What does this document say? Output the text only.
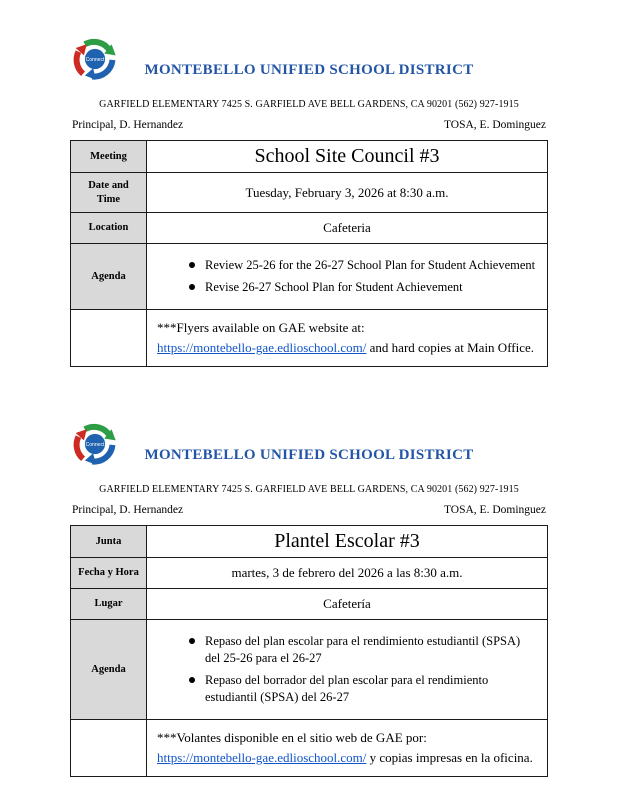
Connect
MONTEBELLO UNIFIED SCHOOL DISTRICT
GARFIELD ELEMENTARY 7425 S. GARFIELD AVE BELL GARDENS, CA 90201 (562) 927-1915
Principal, D. Hernandez	TOSA, E. Dominguez
Meeting	School Site Council #3
Date and Time	Tuesday, February 3, 2026 at 8:30 a.m.
Location	Cafeteria
Agenda	
Review 25-26 for the 26-27 School Plan for Student Achievement
Revise 26-27 School Plan for Student Achievement

	***Flyers available on GAE website at:
https://montebello-gae.edlioschool.com/ and hard copies at Main Office.
Connect
MONTEBELLO UNIFIED SCHOOL DISTRICT
GARFIELD ELEMENTARY 7425 S. GARFIELD AVE BELL GARDENS, CA 90201 (562) 927-1915
Principal, D. Hernandez	TOSA, E. Dominguez
Junta	Plantel Escolar #3
Fecha y Hora	martes, 3 de febrero del 2026 a las 8:30 a.m.
Lugar	Cafetería
Agenda	
Repaso del plan escolar para el rendimiento estudiantil (SPSA) del 25-26 para el 26-27
Repaso del borrador del plan escolar para el rendimiento estudiantil (SPSA) del 26-27

	***Volantes disponible en el sitio web de GAE por:
https://montebello-gae.edlioschool.com/ y copias impresas en la oficina.
